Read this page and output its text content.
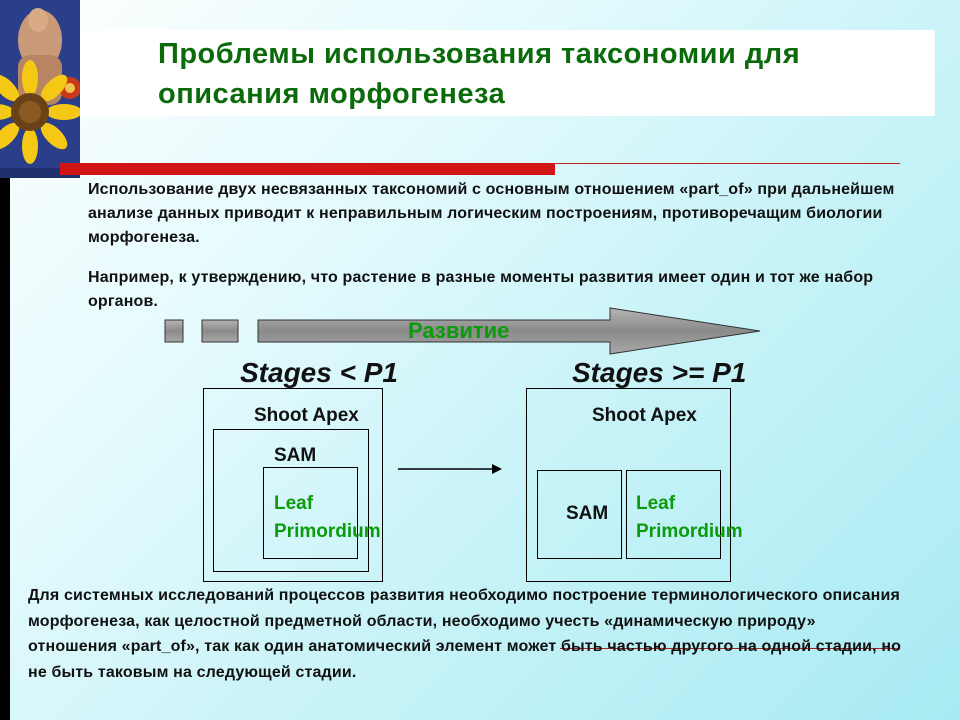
Проблемы использования таксономии для описания морфогенеза

Использование двух несвязанных таксономий с основным отношением «part_of» при дальнейшем анализе данных приводит к неправильным логическим построениям, противоречащим биологии морфогенеза.

Например, к утверждению, что растение в разные моменты развития имеет один и тот же набор органов.

Развитие

Stages < P1

Shoot Apex

SAM

Leaf

Primordium

Stages >= P1

Shoot Apex

SAM Leaf

Primordium

Для системных исследований процессов развития необходимо построение терминологического описания морфогенеза, как целостной предметной области, необходимо учесть «динамическую природу» отношения «part_of», так как один анатомический элемент может быть частью другого на одной стадии, но не быть таковым на следующей стадии.
